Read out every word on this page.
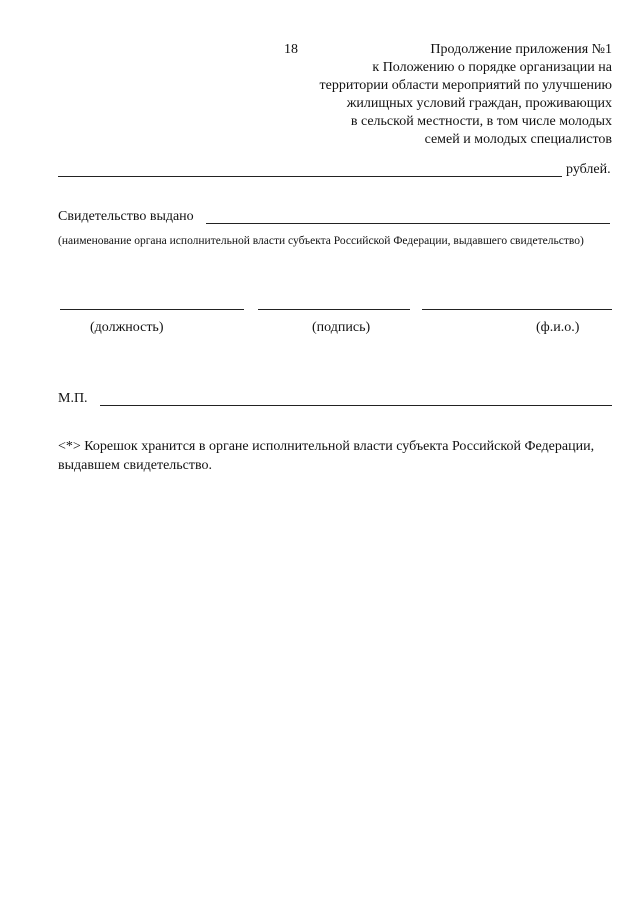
18	Продолжение приложения №1
к Положению о порядке организации на
территории области мероприятий по улучшению
жилищных условий граждан, проживающих
в сельской местности, в том числе молодых
семей и молодых специалистов
рублей.
Свидетельство выдано
(наименование органа исполнительной власти субъекта Российской Федерации, выдавшего свидетельство)
(должность)	(подпись)	(ф.и.о.)
М.П.
<*> Корешок хранится в органе исполнительной власти субъекта Российской Федерации, выдавшем свидетельство.
